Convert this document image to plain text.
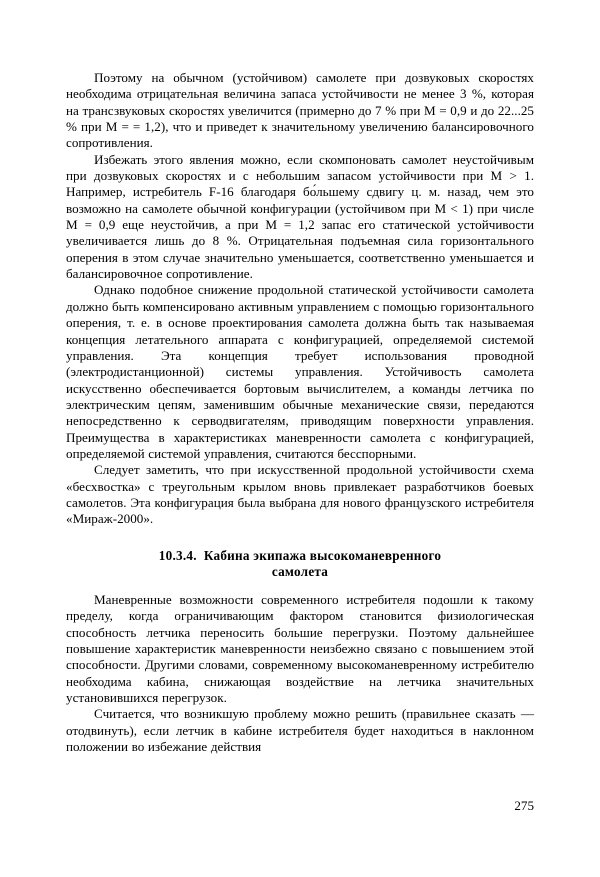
Поэтому на обычном (устойчивом) самолете при дозвуковых скоростях необходима отрицательная величина запаса устойчивости не менее 3 %, которая на трансзвуковых скоростях увеличится (примерно до 7 % при M = 0,9 и до 22...25 % при M = = 1,2), что и приведет к значительному увеличению балансировочного сопротивления.

Избежать этого явления можно, если скомпоновать самолет неустойчивым при дозвуковых скоростях и с небольшим запасом устойчивости при M > 1. Например, истребитель F-16 благодаря бо́льшему сдвигу ц. м. назад, чем это возможно на самолете обычной конфигурации (устойчивом при M < 1) при числе M = 0,9 еще неустойчив, а при M = 1,2 запас его статической устойчивости увеличивается лишь до 8 %. Отрицательная подъемная сила горизонтального оперения в этом случае значительно уменьшается, соответственно уменьшается и балансировочное сопротивление.

Однако подобное снижение продольной статической устойчивости самолета должно быть компенсировано активным управлением с помощью горизонтального оперения, т. е. в основе проектирования самолета должна быть так называемая концепция летательного аппарата с конфигурацией, определяемой системой управления. Эта концепция требует использования проводной (электродистанционной) системы управления. Устойчивость самолета искусственно обеспечивается бортовым вычислителем, а команды летчика по электрическим цепям, заменившим обычные механические связи, передаются непосредственно к серводвигателям, приводящим поверхности управления. Преимущества в характеристиках маневренности самолета с конфигурацией, определяемой системой управления, считаются бесспорными.

Следует заметить, что при искусственной продольной устойчивости схема «бесхвостка» с треугольным крылом вновь привлекает разработчиков боевых самолетов. Эта конфигурация была выбрана для нового французского истребителя «Мираж-2000».

10.3.4. Кабина экипажа высокоманевренного
самолета

Маневренные возможности современного истребителя подошли к такому пределу, когда ограничивающим фактором становится физиологическая способность летчика переносить большие перегрузки. Поэтому дальнейшее повышение характеристик маневренности неизбежно связано с повышением этой способности. Другими словами, современному высокоманевренному истребителю необходима кабина, снижающая воздействие на летчика значительных установившихся перегрузок.

Считается, что возникшую проблему можно решить (правильнее сказать — отодвинуть), если летчик в кабине истребителя будет находиться в наклонном положении во избежание действия

275
